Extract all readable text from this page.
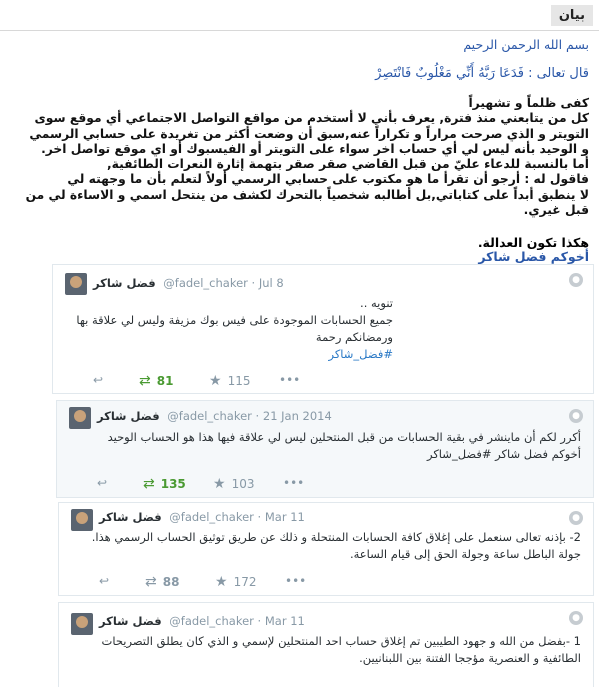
بيان
بسم الله الرحمن الرحيم
قال تعالى : فَدَعَا رَبَّهُ أَنِّي مَغْلُوبٌ فَانْتَصِرْ
كفى ظلماً و تشهيراً
كل من يتابعني منذ فترة, يعرف بأني لا أستخدم من مواقع التواصل الاجتماعي أي موقع سوى
التويتر و الذي صرحت مراراً و تكراراً عنه,سبق أن وضعت أكثر من تغريدة على حسابي الرسمي
و الوحيد بأنه ليس لي أي حساب اخر سواء على التويتر أو الفيسبوك أو اي موقع تواصل اخر.
أما بالنسبة للدعاء عليّ من قبل القاضي صقر صقر بتهمة إثارة النعرات الطائفية,
فاقول له : أرجو أن تقرأ ما هو مكتوب على حسابي الرسمي أولاً لتعلم بأن ما وجهته لي
لا ينطبق أبداً على كتاباتي,بل أطالبه شخصياً بالتحرك لكشف من ينتحل اسمي و الاساءة لي من
قبل غيري.
هكذا تكون العدالة.
أخوكم فضل شاكر
فضل شاكر @fadel_chaker · Jul 8	●
تنويه ..
جميع الحسابات الموجودة على فيس بوك مزيفة وليس لي علاقة بها
ورمضانكم رحمة
#فضل_شاكر
↩	⇄ 81	★ 115 •••
فضل شاكر @fadel_chaker · 21 Jan 2014	●
أكرر لكم أن ماينشر في بقية الحسابات من قبل المنتحلين ليس لي علاقة فيها هذا هو الحساب الوحيد
أخوكم فضل شاكر #فضل_شاكر
↩	⇄ 135 ★ 103 •••
فضل شاكر @fadel_chaker · Mar 11	●
2- بإذنه تعالى سنعمل على إغلاق كافة الحسابات المنتحلة و ذلك عن طريق توثيق الحساب الرسمي هذا.
جولة الباطل ساعة وجولة الحق إلى قيام الساعة.
↩	⇄ 88	★ 172 •••
فضل شاكر @fadel_chaker · Mar 11	●
1 -بفضل من الله و جهود الطيبين تم إغلاق حساب احد المنتحلين لإسمي و الذي كان يطلق التصريحات
الطائفية و العنصرية مؤججا الفتنة بين اللبنانيين.
